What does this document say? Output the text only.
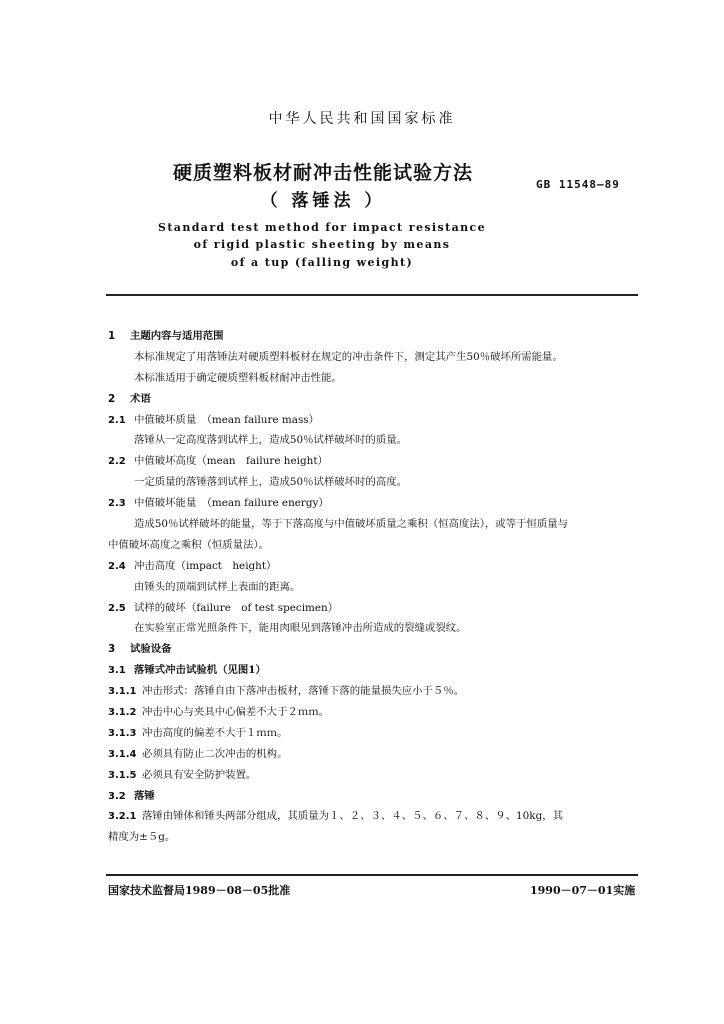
中华人民共和国国家标准
硬质塑料板材耐冲击性能试验方法
（ 落锤法 ）
GB 11548—89
Standard test method for impact resistance
of rigid plastic sheeting by means
of a tup (falling weight)
1 主题内容与适用范围
本标准规定了用落锤法对硬质塑料板材在规定的冲击条件下，测定其产生50％破坏所需能量。
本标准适用于确定硬质塑料板材耐冲击性能。
2 术语
2.1 中值破坏质量　（mean failure mass）
落锤从一定高度落到试样上，造成50％试样破坏时的质量。
2.2 中值破坏高度（mean　failure height）
一定质量的落锤落到试样上，造成50％试样破坏时的高度。
2.3 中值破坏能量　（mean failure energy）
造成50％试样破坏的能量，等于下落高度与中值破坏质量之乘积（恒高度法），或等于恒质量与
中值破坏高度之乘积（恒质量法）。
2.4 冲击高度（impact　height）
由锤头的顶端到试样上表面的距离。
2.5 试样的破坏（failure　of test specimen）
在实验室正常光照条件下，能用肉眼见到落锤冲击所造成的裂缝或裂纹。
3 试验设备
3.1 落锤式冲击试验机（见图1）
3.1.1 冲击形式：落锤自由下落冲击板材，落锤下落的能量损失应小于５％。
3.1.2 冲击中心与夹具中心偏差不大于２ｍｍ。
3.1.3 冲击高度的偏差不大于１ｍｍ。
3.1.4 必须具有防止二次冲击的机构。
3.1.5 必须具有安全防护装置。
3.2 落锤
3.2.1 落锤由锤体和锤头两部分组成，其质量为１、２、３、４、５、６、７、８、９、10kg，其
精度为±５g。
国家技术监督局1989－08－05批准	1990－07－01实施
